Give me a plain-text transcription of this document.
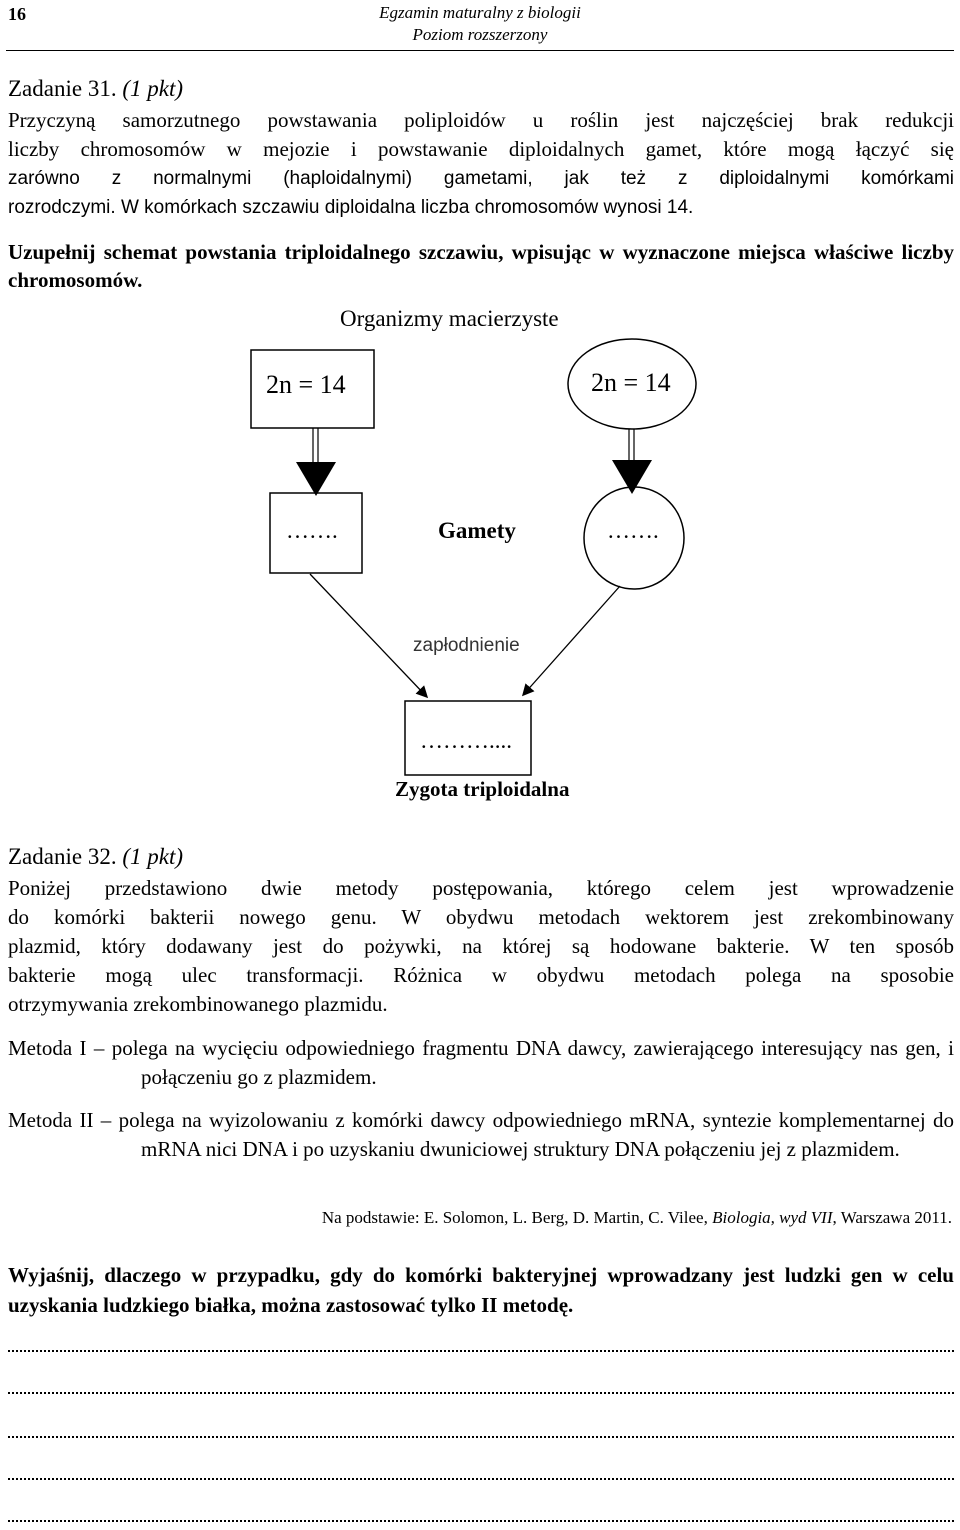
16	Egzamin maturalny z biologii
Poziom rozszerzony
Zadanie 31. (1 pkt)
Przyczyną samorzutnego powstawania poliploidów u roślin jest najczęściej brak redukcji
liczby chromosomów w mejozie i powstawanie diploidalnych gamet, które mogą łączyć się
zarówno z normalnymi (haploidalnymi) gametami, jak też z diploidalnymi komórkami
rozrodczymi. W komórkach szczawiu diploidalna liczba chromosomów wynosi 14.
Uzupełnij schemat powstania triploidalnego szczawiu, wpisując w wyznaczone miejsca właściwe liczby chromosomów.
Organizmy macierzyste
2n = 14	2n = 14
…….	Gamety	…….
zapłodnienie
………....
Zygota triploidalna
Zadanie 32. (1 pkt)
Poniżej przedstawiono dwie metody postępowania, którego celem jest wprowadzenie
do komórki bakterii nowego genu. W obydwu metodach wektorem jest zrekombinowany
plazmid, który dodawany jest do pożywki, na której są hodowane bakterie. W ten sposób
bakterie mogą ulec transformacji. Różnica w obydwu metodach polega na sposobie
otrzymywania zrekombinowanego plazmidu.
Metoda I – polega na wycięciu odpowiedniego fragmentu DNA dawcy, zawierającego interesujący nas gen, i połączeniu go z plazmidem.
Metoda II – polega na wyizolowaniu z komórki dawcy odpowiedniego mRNA, syntezie komplementarnej do mRNA nici DNA i po uzyskaniu dwuniciowej struktury DNA połączeniu jej z plazmidem.
Na podstawie: E. Solomon, L. Berg, D. Martin, C. Vilee, Biologia, wyd VII, Warszawa 2011.
Wyjaśnij, dlaczego w przypadku, gdy do komórki bakteryjnej wprowadzany jest ludzki gen w celu uzyskania ludzkiego białka, można zastosować tylko II metodę.
